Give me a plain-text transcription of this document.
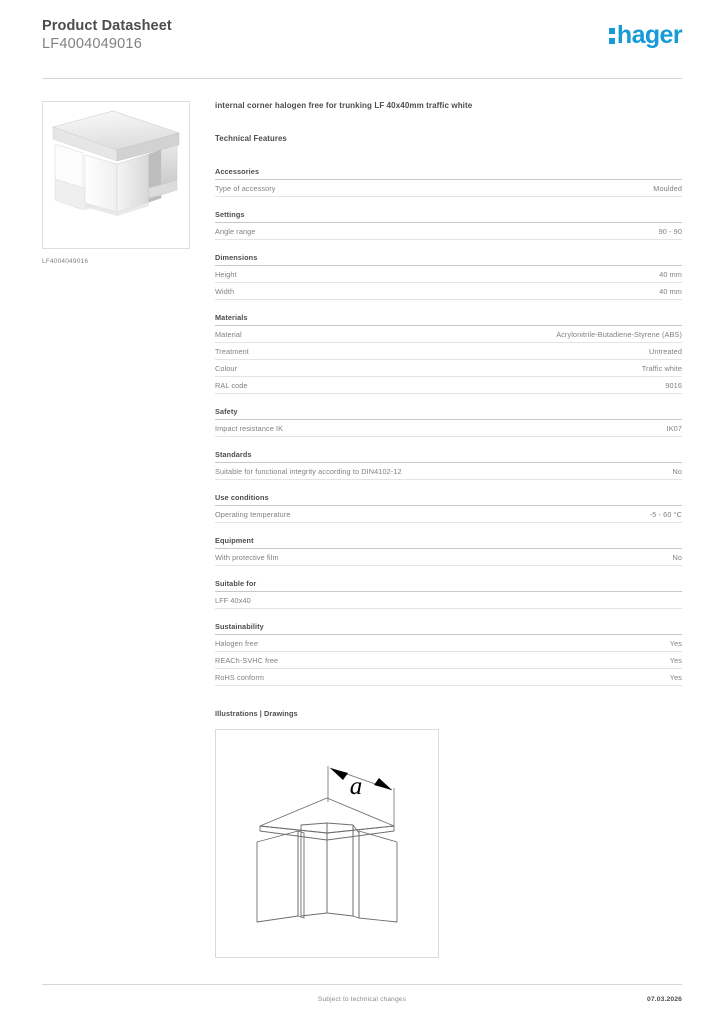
Product Datasheet
LF4004049016	hager
LF4004049016
internal corner halogen free for trunking LF 40x40mm traffic white
Technical Features
Accessories
Type of accessory	Moulded
Settings
Angle range	90 - 90
Dimensions
Height	40 mm
Width	40 mm
Materials
Material	Acrylonitrile-Butadiene-Styrene (ABS)
Treatment	Untreated
Colour	Traffic white
RAL code	9016
Safety
Impact resistance IK	IK07
Standards
Suitable for functional integrity according to DIN4102-12	No
Use conditions
Operating temperature	-5 - 60 °C
Equipment
With protective film	No
Suitable for
LFF 40x40
Sustainability
Halogen free	Yes
REACh-SVHC free	Yes
RoHS conform	Yes
Illustrations | Drawings
a
Subject to technical changes	07.03.2026
